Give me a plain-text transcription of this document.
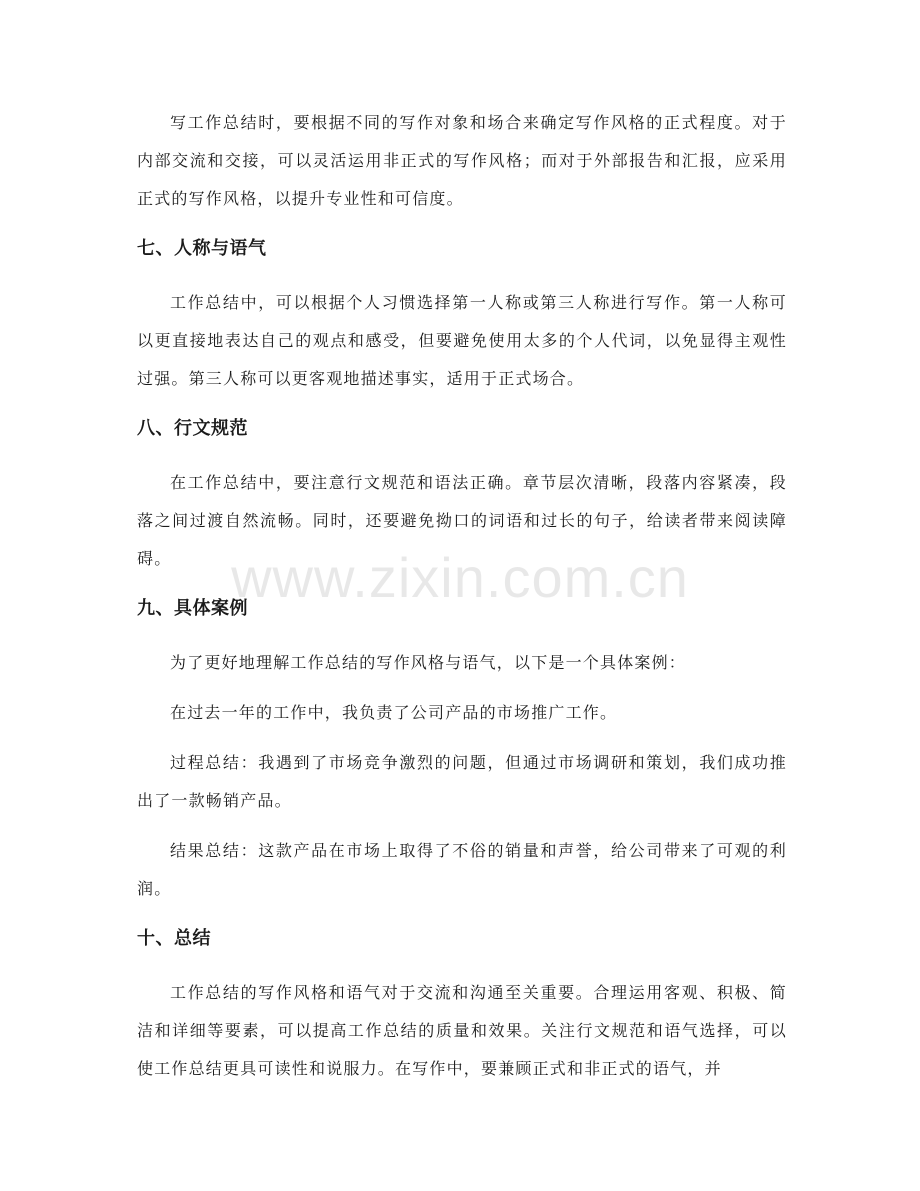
写工作总结时，要根据不同的写作对象和场合来确定写作风格的正式程度。对于内部交流和交接，可以灵活运用非正式的写作风格；而对于外部报告和汇报，应采用正式的写作风格，以提升专业性和可信度。

七、人称与语气

工作总结中，可以根据个人习惯选择第一人称或第三人称进行写作。第一人称可以更直接地表达自己的观点和感受，但要避免使用太多的个人代词，以免显得主观性过强。第三人称可以更客观地描述事实，适用于正式场合。

八、行文规范

在工作总结中，要注意行文规范和语法正确。章节层次清晰，段落内容紧凑，段落之间过渡自然流畅。同时，还要避免拗口的词语和过长的句子，给读者带来阅读障碍。

九、具体案例

为了更好地理解工作总结的写作风格与语气，以下是一个具体案例：

在过去一年的工作中，我负责了公司产品的市场推广工作。

过程总结：我遇到了市场竞争激烈的问题，但通过市场调研和策划，我们成功推出了一款畅销产品。

结果总结：这款产品在市场上取得了不俗的销量和声誉，给公司带来了可观的利润。

十、总结

工作总结的写作风格和语气对于交流和沟通至关重要。合理运用客观、积极、简洁和详细等要素，可以提高工作总结的质量和效果。关注行文规范和语气选择，可以使工作总结更具可读性和说服力。在写作中，要兼顾正式和非正式的语气，并

www.zixin.com.cn
